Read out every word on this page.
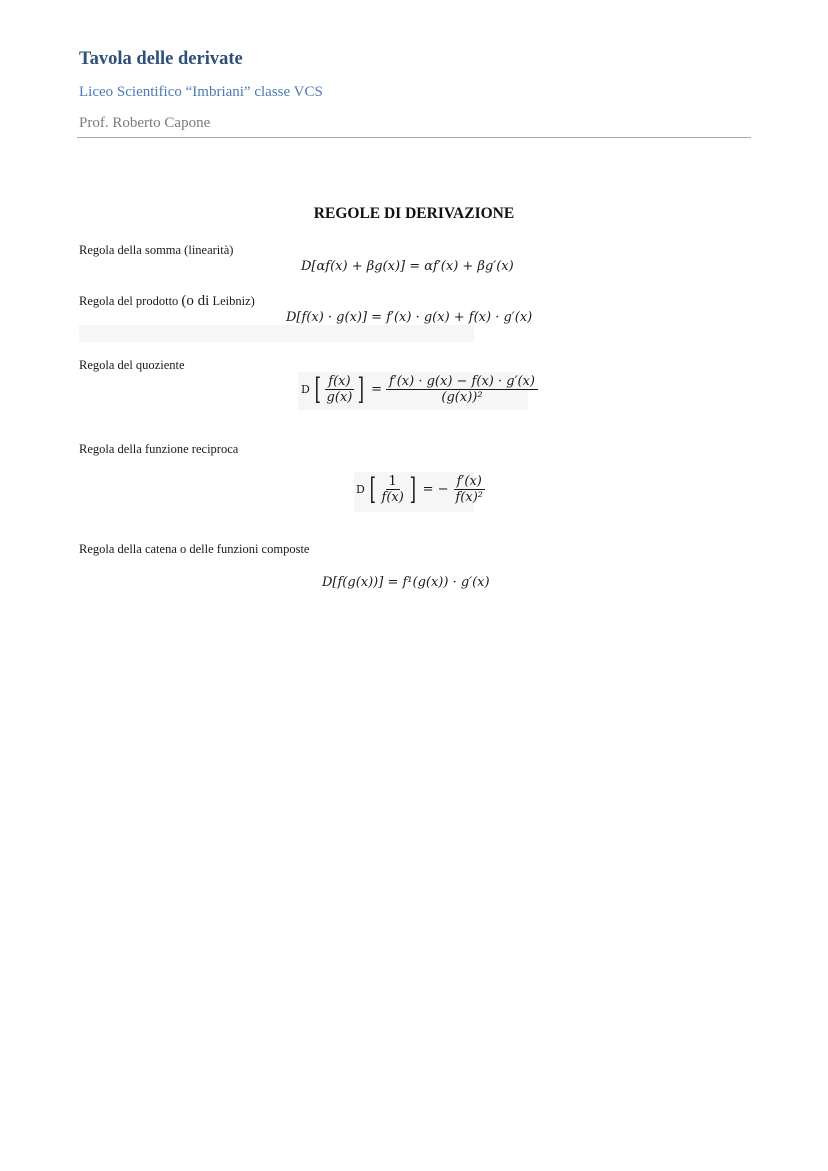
Tavola delle derivate
Liceo Scientifico “Imbriani” classe VCS
Prof. Roberto Capone
REGOLE DI DERIVAZIONE
Regola della somma (linearità)
D[αf(x) + βg(x)] = αf′(x) + βg′(x)
Regola del prodotto (o di Leibniz)
D[f(x) · g(x)] = f′(x) · g(x) + f(x) · g′(x)
Regola del quoziente
D [ $\frac{f(x)}{g(x)}$ ] = $\frac{f'(x) \cdot g(x) - f(x) \cdot g'(x)}{\text{(g(x))²}}$
Regola della funzione reciproca
D [ $\frac{1}{f(x)}$ ] = − $\frac{f'(x)}{\text{f(x)²}}$
Regola della catena o delle funzioni composte
D[f(g(x))] = f¹(g(x)) · g′(x)
